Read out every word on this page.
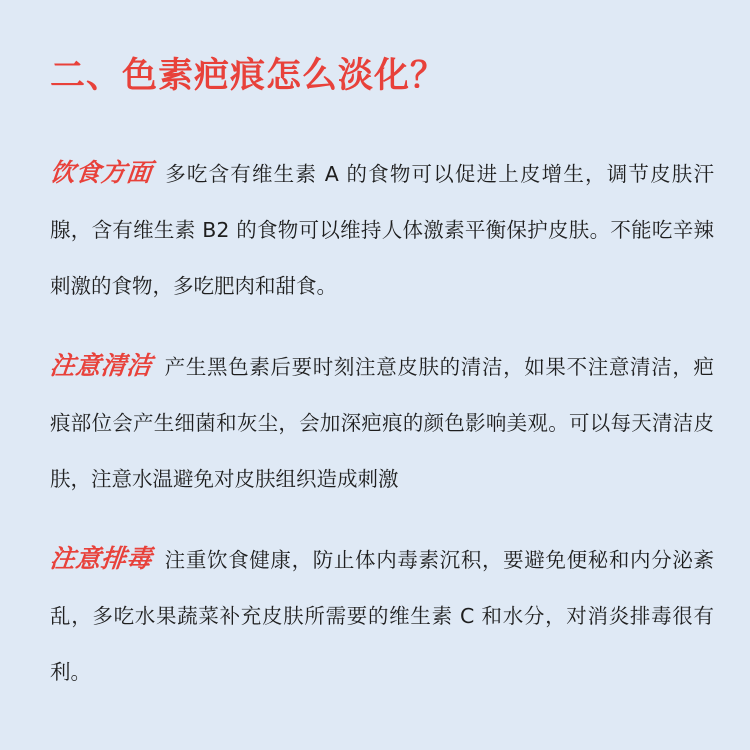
二、色素疤痕怎么淡化？

饮食方面 多吃含有维生素 A 的食物可以促进上皮增生，调节皮肤汗腺，含有维生素 B2 的食物可以维持人体激素平衡保护皮肤。不能吃辛辣刺激的食物，多吃肥肉和甜食。

注意清洁 产生黑色素后要时刻注意皮肤的清洁，如果不注意清洁，疤痕部位会产生细菌和灰尘，会加深疤痕的颜色影响美观。可以每天清洁皮肤，注意水温避免对皮肤组织造成刺激

注意排毒 注重饮食健康，防止体内毒素沉积，要避免便秘和内分泌紊乱，多吃水果蔬菜补充皮肤所需要的维生素 C 和水分，对消炎排毒很有利。
